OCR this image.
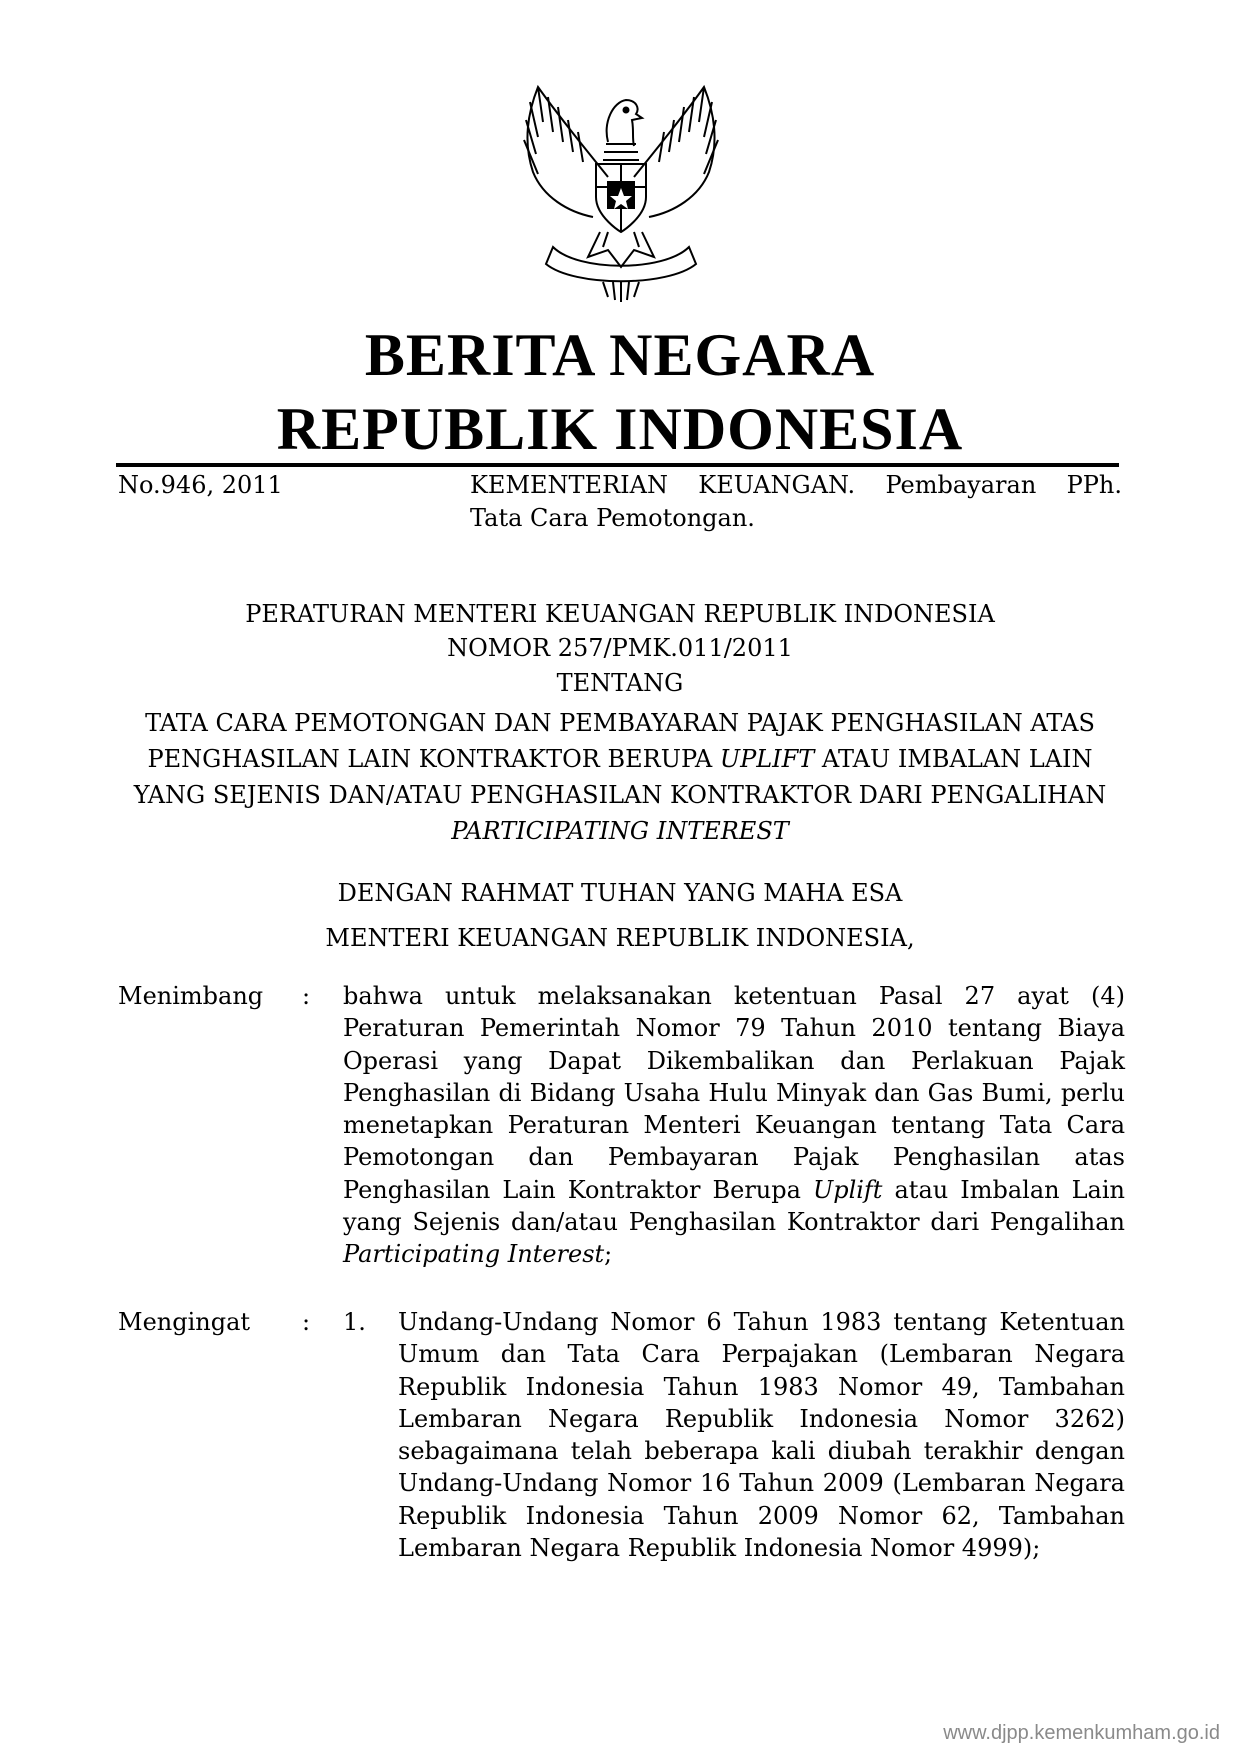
BERITA NEGARA
REPUBLIK INDONESIA
No.946, 2011	KEMENTERIAN KEUANGAN. Pembayaran PPh.
Tata Cara Pemotongan.
PERATURAN MENTERI KEUANGAN REPUBLIK INDONESIA
NOMOR 257/PMK.011/2011
TENTANG
TATA CARA PEMOTONGAN DAN PEMBAYARAN PAJAK PENGHASILAN ATAS PENGHASILAN LAIN KONTRAKTOR BERUPA UPLIFT ATAU IMBALAN LAIN YANG SEJENIS DAN/ATAU PENGHASILAN KONTRAKTOR DARI PENGALIHAN PARTICIPATING INTEREST
DENGAN RAHMAT TUHAN YANG MAHA ESA
MENTERI KEUANGAN REPUBLIK INDONESIA,
Menimbang : bahwa untuk melaksanakan ketentuan Pasal 27 ayat (4) Peraturan Pemerintah Nomor 79 Tahun 2010 tentang Biaya Operasi yang Dapat Dikembalikan dan Perlakuan Pajak Penghasilan di Bidang Usaha Hulu Minyak dan Gas Bumi, perlu menetapkan Peraturan Menteri Keuangan tentang Tata Cara Pemotongan dan Pembayaran Pajak Penghasilan atas Penghasilan Lain Kontraktor Berupa Uplift atau Imbalan Lain yang Sejenis dan/atau Penghasilan Kontraktor dari Pengalihan Participating Interest;
Mengingat : 1. Undang-Undang Nomor 6 Tahun 1983 tentang Ketentuan Umum dan Tata Cara Perpajakan (Lembaran Negara Republik Indonesia Tahun 1983 Nomor 49, Tambahan Lembaran Negara Republik Indonesia Nomor 3262) sebagaimana telah beberapa kali diubah terakhir dengan Undang-Undang Nomor 16 Tahun 2009 (Lembaran Negara Republik Indonesia Tahun 2009 Nomor 62, Tambahan Lembaran Negara Republik Indonesia Nomor 4999);
www.djpp.kemenkumham.go.id
